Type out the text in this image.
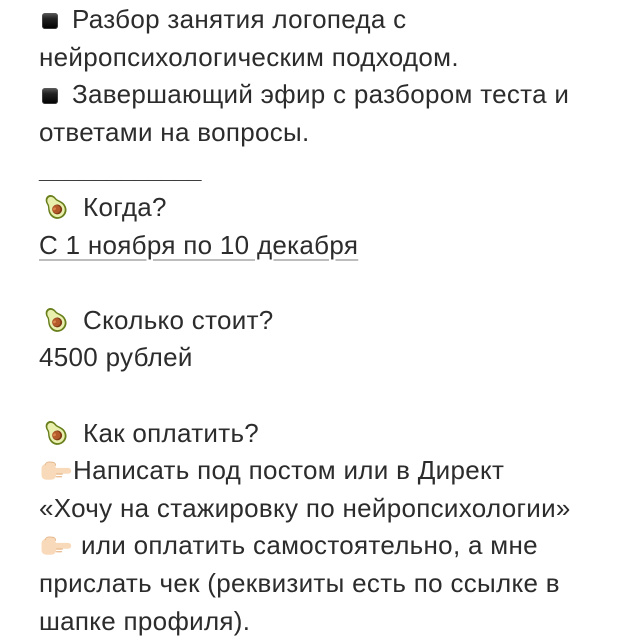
Разбор занятия логопеда с
нейропсихологическим подходом.
Завершающий эфир с разбором теста и
ответами на вопросы.
____________
Когда?
С 1 ноября по 10 декабря
Сколько стоит?
4500 рублей
Как оплатить?
Написать под постом или в Директ
«Хочу на стажировку по нейропсихологии»
или оплатить самостоятельно, а мне
прислать чек (реквизиты есть по ссылке в
шапке профиля).
